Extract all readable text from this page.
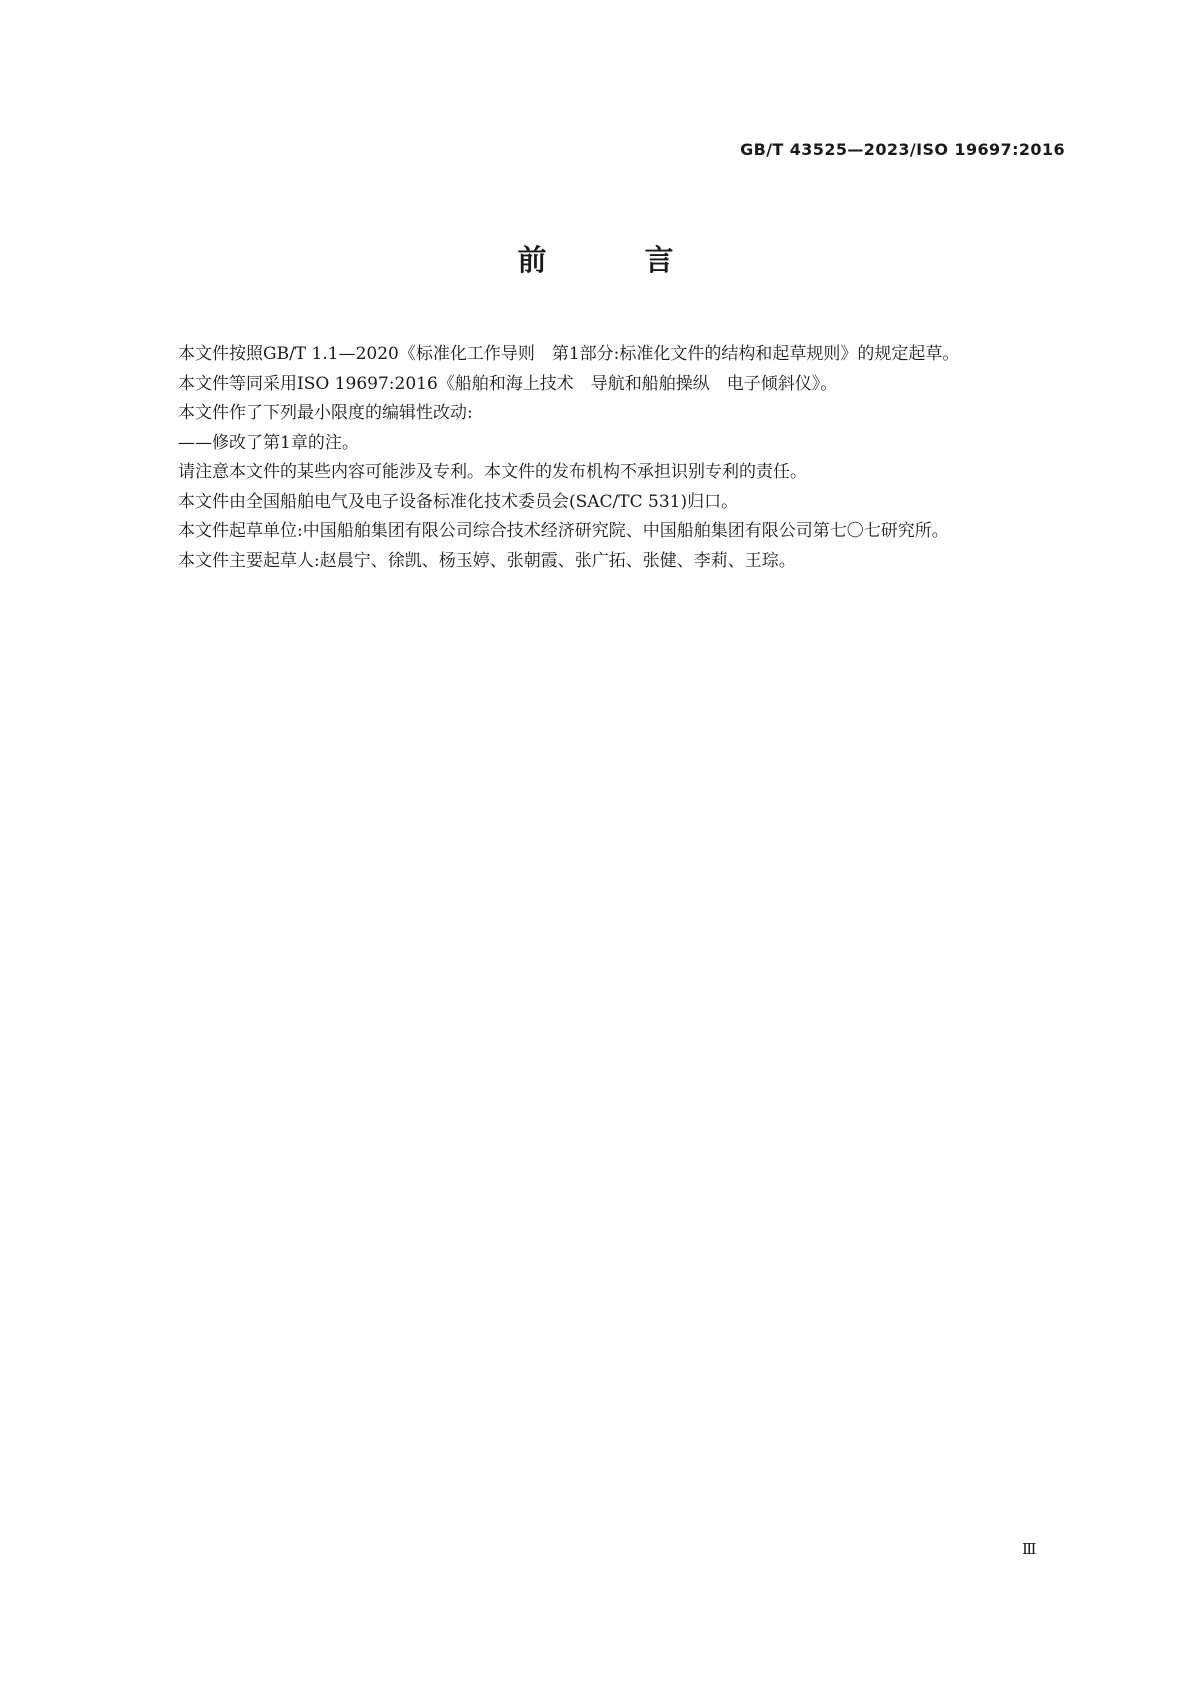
GB/T 43525—2023/ISO 19697:2016
前 言

本文件按照GB/T 1.1—2020《标准化工作导则　第1部分:标准化文件的结构和起草规则》的规定起草。

本文件等同采用ISO 19697:2016《船舶和海上技术　导航和船舶操纵　电子倾斜仪》。

本文件作了下列最小限度的编辑性改动:

——修改了第1章的注。

请注意本文件的某些内容可能涉及专利。本文件的发布机构不承担识别专利的责任。

本文件由全国船舶电气及电子设备标准化技术委员会(SAC/TC 531)归口。

本文件起草单位:中国船舶集团有限公司综合技术经济研究院、中国船舶集团有限公司第七〇七研究所。

本文件主要起草人:赵晨宁、徐凯、杨玉婷、张朝霞、张广拓、张健、李莉、王琮。

Ⅲ
